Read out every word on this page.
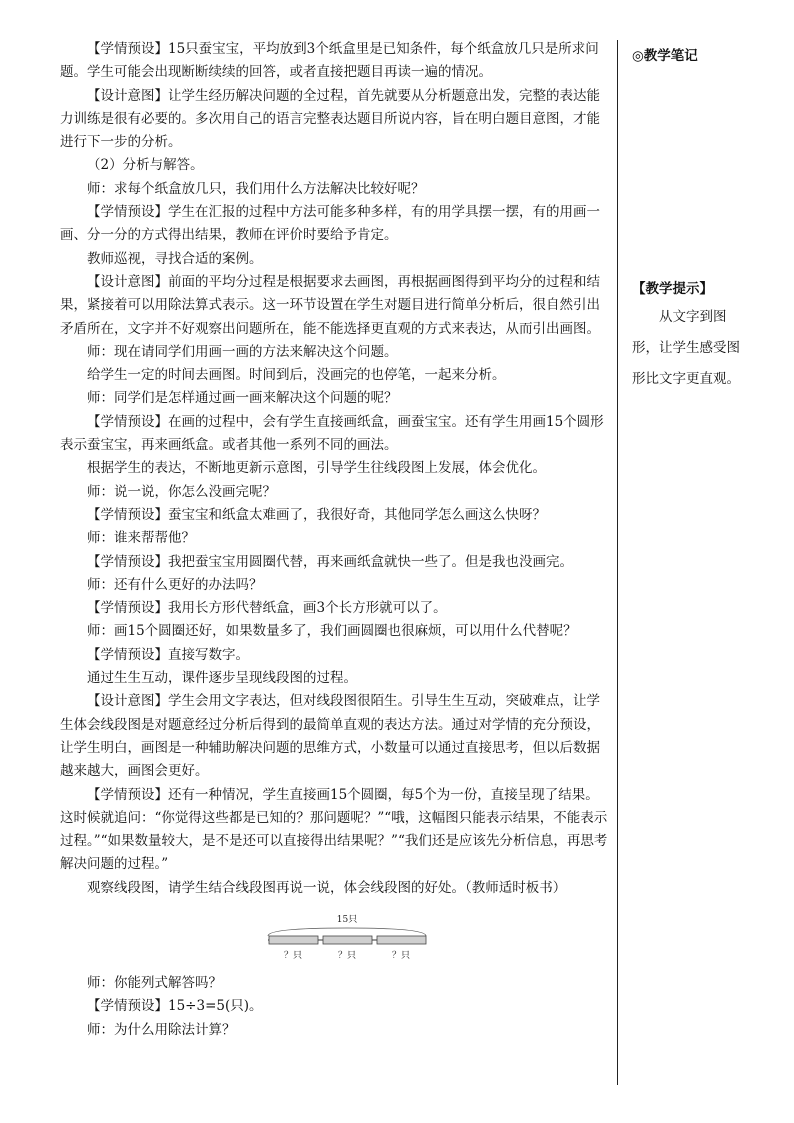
【学情预设】15只蚕宝宝，平均放到3个纸盒里是已知条件，每个纸盒放几只是所求问题。学生可能会出现断断续续的回答，或者直接把题目再读一遍的情况。

【设计意图】让学生经历解决问题的全过程，首先就要从分析题意出发，完整的表达能力训练是很有必要的。多次用自己的语言完整表达题目所说内容，旨在明白题目意图，才能进行下一步的分析。

（2）分析与解答。

师：求每个纸盒放几只，我们用什么方法解决比较好呢？

【学情预设】学生在汇报的过程中方法可能多种多样，有的用学具摆一摆，有的用画一画、分一分的方式得出结果，教师在评价时要给予肯定。

教师巡视，寻找合适的案例。

【设计意图】前面的平均分过程是根据要求去画图，再根据画图得到平均分的过程和结果，紧接着可以用除法算式表示。这一环节设置在学生对题目进行简单分析后，很自然引出矛盾所在，文字并不好观察出问题所在，能不能选择更直观的方式来表达，从而引出画图。

师：现在请同学们用画一画的方法来解决这个问题。

给学生一定的时间去画图。时间到后，没画完的也停笔，一起来分析。

师：同学们是怎样通过画一画来解决这个问题的呢？

【学情预设】在画的过程中，会有学生直接画纸盒，画蚕宝宝。还有学生用画15个圆形表示蚕宝宝，再来画纸盒。或者其他一系列不同的画法。

根据学生的表达，不断地更新示意图，引导学生往线段图上发展，体会优化。

师：说一说，你怎么没画完呢？

【学情预设】蚕宝宝和纸盒太难画了，我很好奇，其他同学怎么画这么快呀？

师：谁来帮帮他？

【学情预设】我把蚕宝宝用圆圈代替，再来画纸盒就快一些了。但是我也没画完。

师：还有什么更好的办法吗？

【学情预设】我用长方形代替纸盒，画3个长方形就可以了。

师：画15个圆圈还好，如果数量多了，我们画圆圈也很麻烦，可以用什么代替呢？

【学情预设】直接写数字。

通过生生互动，课件逐步呈现线段图的过程。

【设计意图】学生会用文字表达，但对线段图很陌生。引导生生互动，突破难点，让学生体会线段图是对题意经过分析后得到的最简单直观的表达方法。通过对学情的充分预设，让学生明白，画图是一种辅助解决问题的思维方式，小数量可以通过直接思考，但以后数据越来越大，画图会更好。

【学情预设】还有一种情况，学生直接画15个圆圈，每5个为一份，直接呈现了结果。这时候就追问：“你觉得这些都是已知的？那问题呢？”“哦，这幅图只能表示结果，不能表示过程。”“如果数量较大，是不是还可以直接得出结果呢？”“我们还是应该先分析信息，再思考解决问题的过程。”

观察线段图，请学生结合线段图再说一说，体会线段图的好处。（教师适时板书）

师：你能列式解答吗？

【学情预设】15÷3=5(只)。

师：为什么用除法计算？

15只
？只	？只	？只
◎教学笔记
【教学提示】
从文字到图形，让学生感受图形比文字更直观。
